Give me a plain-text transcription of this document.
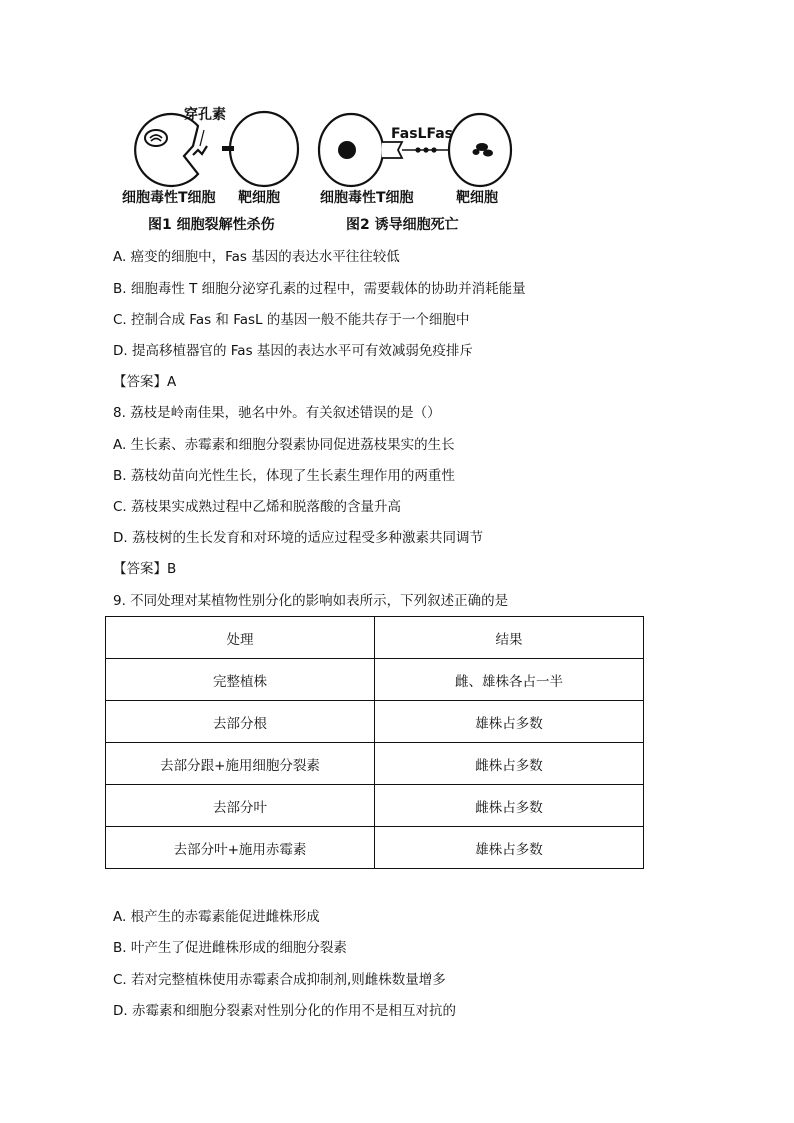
穿孔素
细胞毒性T细胞 靶细胞
图1 细胞裂解性杀伤
FasLFas
细胞毒性T细胞	靶细胞
图2 诱导细胞死亡
A. 癌变的细胞中，Fas 基因的表达水平往往较低
B. 细胞毒性 T 细胞分泌穿孔素的过程中，需要载体的协助并消耗能量
C. 控制合成 Fas 和 FasL 的基因一般不能共存于一个细胞中
D. 提高移植器官的 Fas 基因的表达水平可有效减弱免疫排斥
【答案】A
8. 荔枝是岭南佳果，驰名中外。有关叙述错误的是（）
A. 生长素、赤霉素和细胞分裂素协同促进荔枝果实的生长
B. 荔枝幼苗向光性生长，体现了生长素生理作用的两重性
C. 荔枝果实成熟过程中乙烯和脱落酸的含量升高
D. 荔枝树的生长发育和对环境的适应过程受多种激素共同调节
【答案】B
9. 不同处理对某植物性别分化的影响如表所示，下列叙述正确的是
处理	结果
完整植株	雌、雄株各占一半
去部分根	雄株占多数
去部分跟+施用细胞分裂素	雌株占多数
去部分叶	雌株占多数
去部分叶+施用赤霉素	雄株占多数
A. 根产生的赤霉素能促进雌株形成
B. 叶产生了促进雌株形成的细胞分裂素
C. 若对完整植株使用赤霉素合成抑制剂,则雌株数量增多
D. 赤霉素和细胞分裂素对性别分化的作用不是相互对抗的
